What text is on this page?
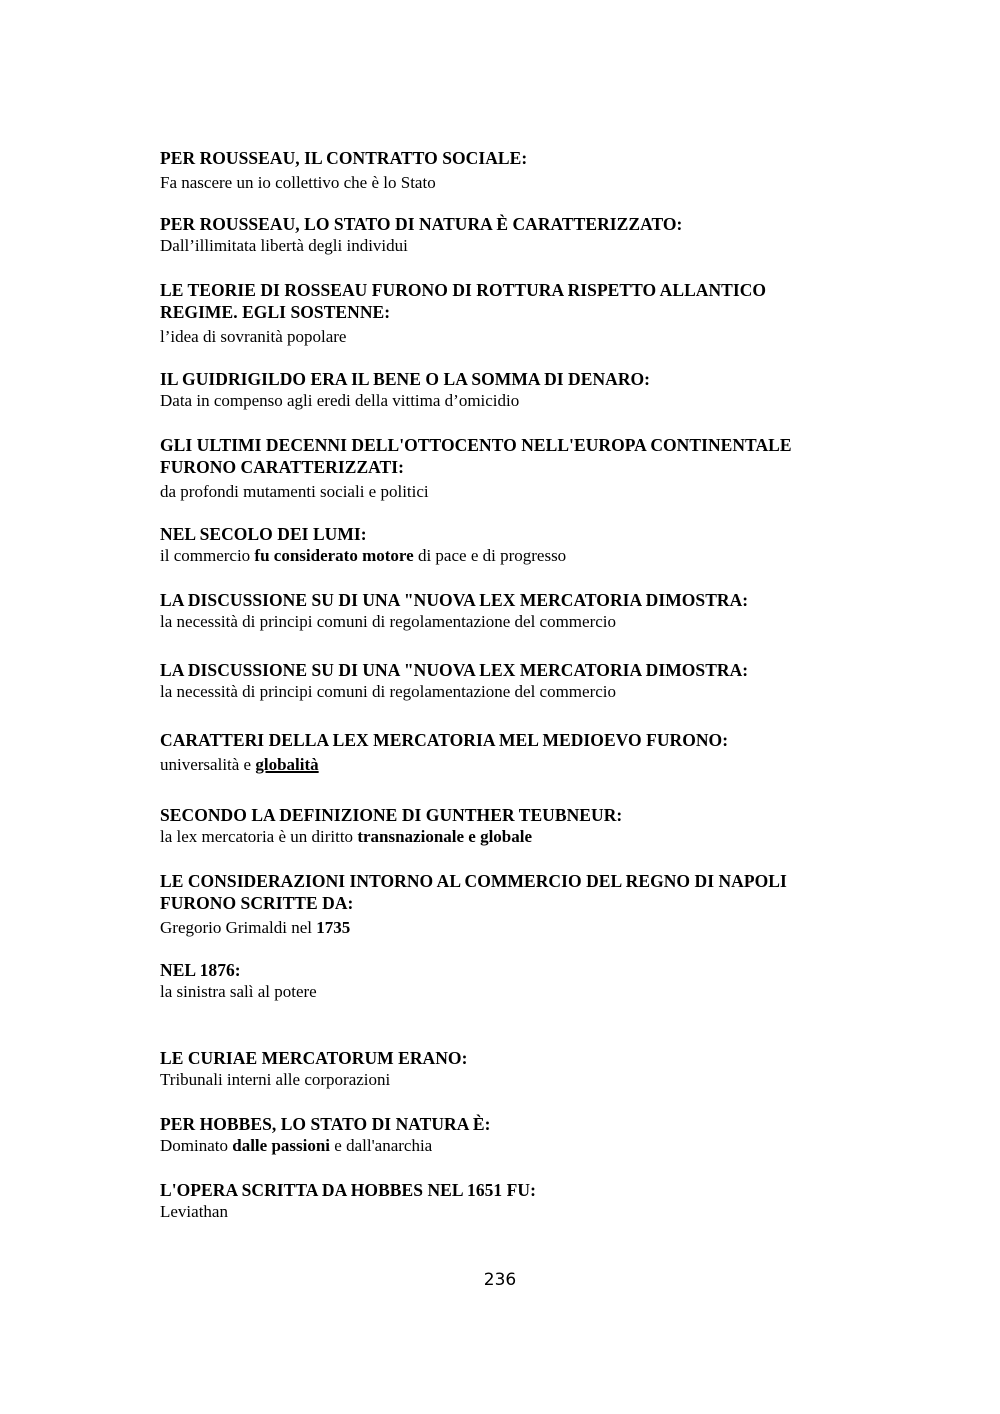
PER ROUSSEAU, IL CONTRATTO SOCIALE:

Fa nascere un io collettivo che è lo Stato

PER ROUSSEAU, LO STATO DI NATURA È CARATTERIZZATO:

Dall’illimitata libertà degli individui

LE TEORIE DI ROSSEAU FURONO DI ROTTURA RISPETTO ALLANTICO REGIME. EGLI SOSTENNE:

l’idea di sovranità popolare

IL GUIDRIGILDO ERA IL BENE O LA SOMMA DI DENARO:

Data in compenso agli eredi della vittima d’omicidio

GLI ULTIMI DECENNI DELL'OTTOCENTO NELL'EUROPA CONTINENTALE FURONO CARATTERIZZATI:

da profondi mutamenti sociali e politici

NEL SECOLO DEI LUMI:

il commercio fu considerato motore di pace e di progresso

LA DISCUSSIONE SU DI UNA "NUOVA LEX MERCATORIA DIMOSTRA:

la necessità di principi comuni di regolamentazione del commercio

LA DISCUSSIONE SU DI UNA "NUOVA LEX MERCATORIA DIMOSTRA:

la necessità di principi comuni di regolamentazione del commercio

CARATTERI DELLA LEX MERCATORIA MEL MEDIOEVO FURONO:

universalità e globalità

SECONDO LA DEFINIZIONE DI GUNTHER TEUBNEUR:

la lex mercatoria è un diritto transnazionale e globale

LE CONSIDERAZIONI INTORNO AL COMMERCIO DEL REGNO DI NAPOLI FURONO SCRITTE DA:

Gregorio Grimaldi nel 1735

NEL 1876:

la sinistra salì al potere

LE CURIAE MERCATORUM ERANO:

Tribunali interni alle corporazioni

PER HOBBES, LO STATO DI NATURA È:

Dominato dalle passioni e dall'anarchia

L'OPERA SCRITTA DA HOBBES NEL 1651 FU:

Leviathan

236
